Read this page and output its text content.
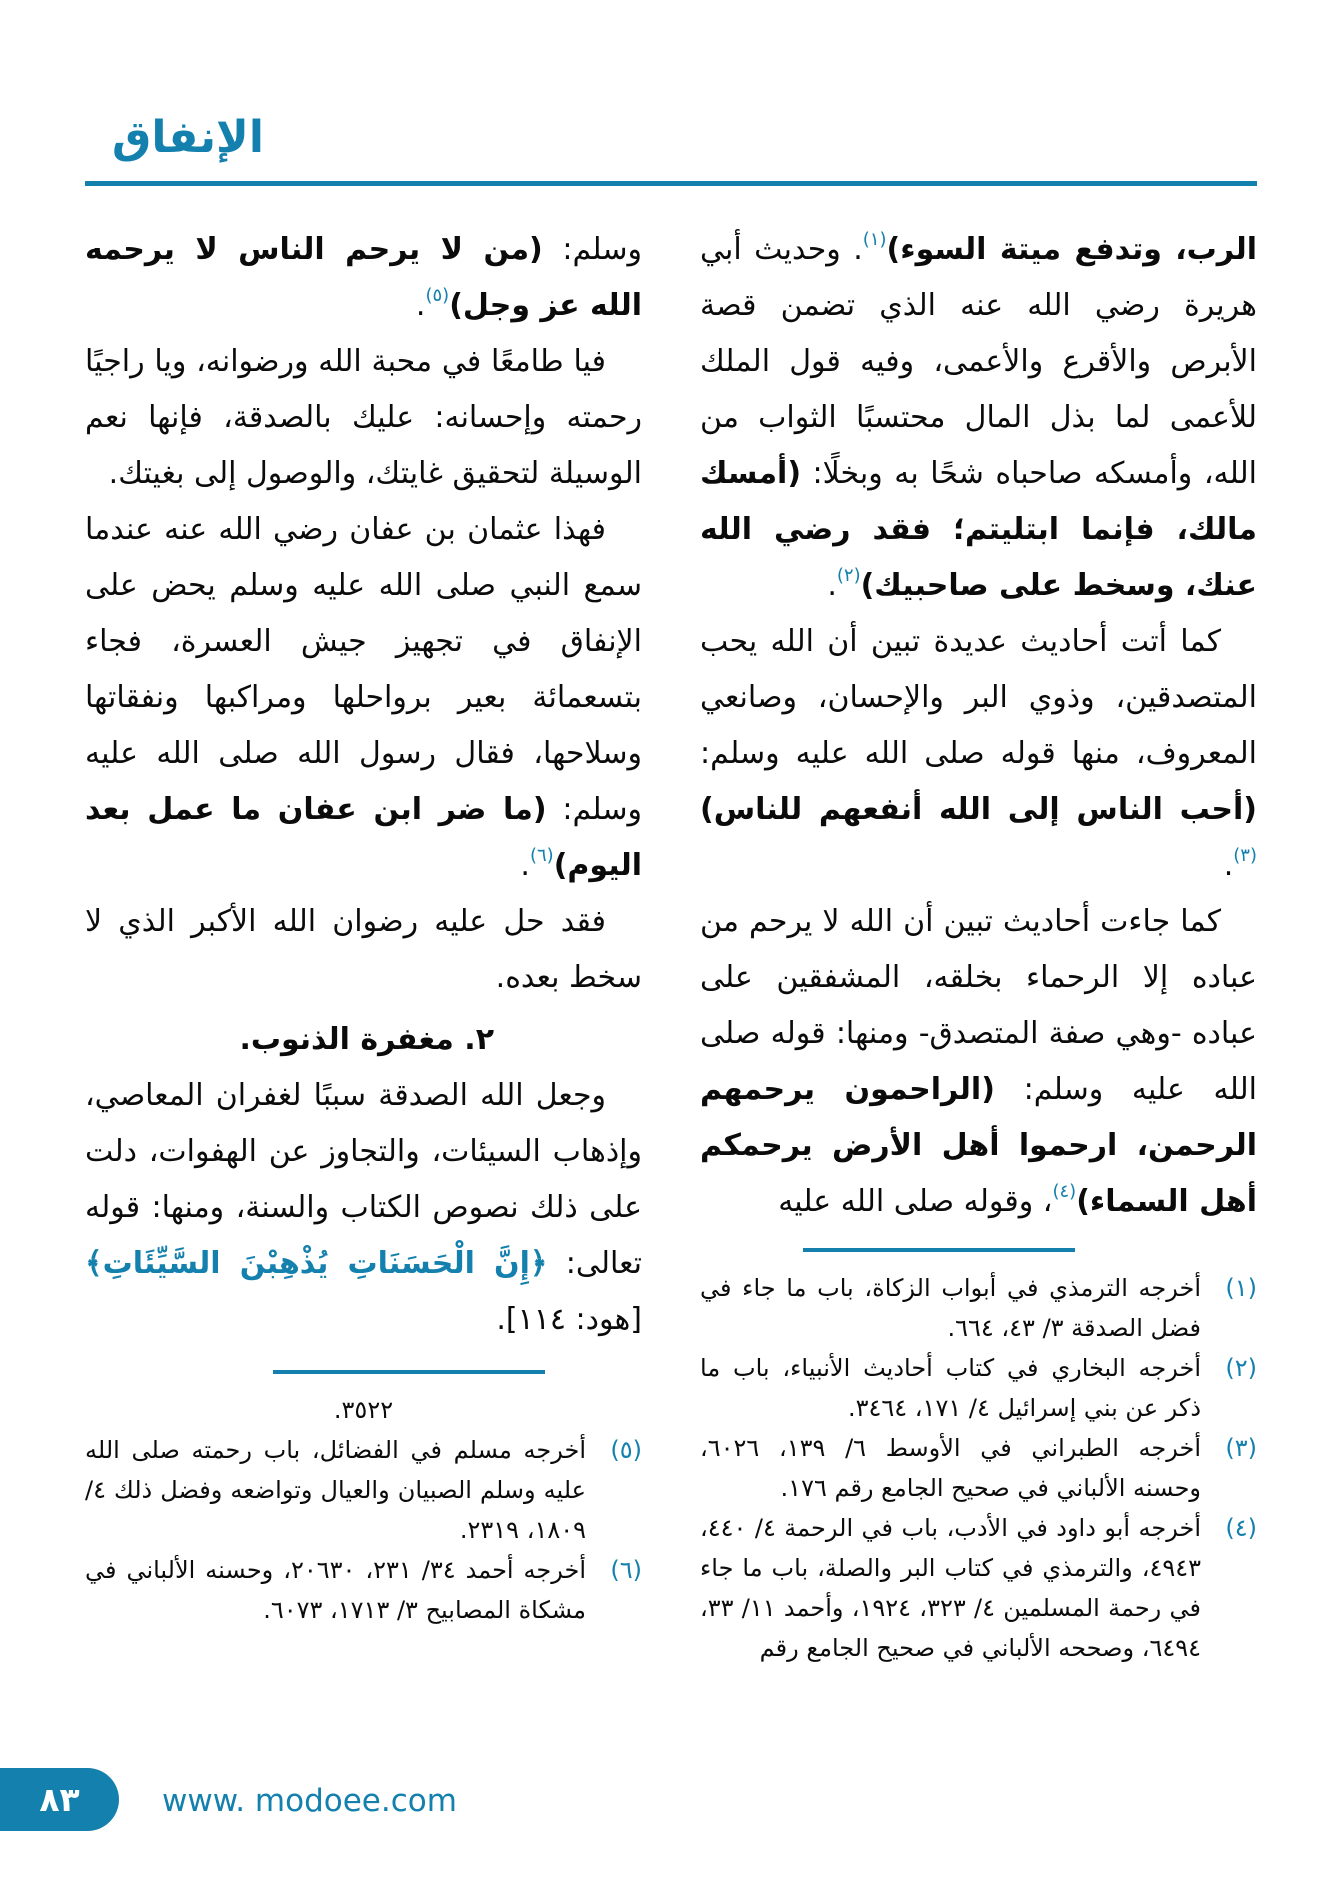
الإنفاق

الرب، وتدفع ميتة السوء)$^{(١)}$. وحديث أبي هريرة رضي الله عنه الذي تضمن قصة الأبرص والأقرع والأعمى، وفيه قول الملك للأعمى لما بذل المال محتسبًا الثواب من الله، وأمسكه صاحباه شحًا به وبخلًا: (أمسك مالك، فإنما ابتليتم؛ فقد رضي الله عنك، وسخط على صاحبيك)$^{(٢)}$.

كما أتت أحاديث عديدة تبين أن الله يحب المتصدقين، وذوي البر والإحسان، وصانعي المعروف، منها قوله صلى الله عليه وسلم: (أحب الناس إلى الله أنفعهم للناس)$^{(٣)}$.

كما جاءت أحاديث تبين أن الله لا يرحم من عباده إلا الرحماء بخلقه، المشفقين على عباده -وهي صفة المتصدق- ومنها: قوله صلى الله عليه وسلم: (الراحمون يرحمهم الرحمن، ارحموا أهل الأرض يرحمكم أهل السماء)$^{(٤)}$، وقوله صلى الله عليه

(١)
أخرجه الترمذي في أبواب الزكاة، باب ما جاء في فضل الصدقة ٣/ ٤٣، ٦٦٤.
(٢)
أخرجه البخاري في كتاب أحاديث الأنبياء، باب ما ذكر عن بني إسرائيل ٤/ ١٧١، ٣٤٦٤.
(٣)
أخرجه الطبراني في الأوسط ٦/ ١٣٩، ٦٠٢٦، وحسنه الألباني في صحيح الجامع رقم ١٧٦.
(٤)
أخرجه أبو داود في الأدب، باب في الرحمة ٤/ ٤٤٠، ٤٩٤٣، والترمذي في كتاب البر والصلة، باب ما جاء في رحمة المسلمين ٤/ ٣٢٣، ١٩٢٤، وأحمد ١١/ ٣٣، ٦٤٩٤، وصححه الألباني في صحيح الجامع رقم

وسلم: (من لا يرحم الناس لا يرحمه الله عز وجل)$^{(٥)}$.

فيا طامعًا في محبة الله ورضوانه، ويا راجيًا رحمته وإحسانه: عليك بالصدقة، فإنها نعم الوسيلة لتحقيق غايتك، والوصول إلى بغيتك.

فهذا عثمان بن عفان رضي الله عنه عندما سمع النبي صلى الله عليه وسلم يحض على الإنفاق في تجهيز جيش العسرة، فجاء بتسعمائة بعير برواحلها ومراكبها ونفقاتها وسلاحها، فقال رسول الله صلى الله عليه وسلم: (ما ضر ابن عفان ما عمل بعد اليوم)$^{(٦)}$.

فقد حل عليه رضوان الله الأكبر الذي لا سخط بعده.

٢. مغفرة الذنوب.

وجعل الله الصدقة سببًا لغفران المعاصي، وإذهاب السيئات، والتجاوز عن الهفوات، دلت على ذلك نصوص الكتاب والسنة، ومنها: قوله تعالى: ﴿إِنَّ الْحَسَنَاتِ يُذْهِبْنَ السَّيِّئَاتِ﴾ [هود: ١١٤].

٣٥٢٢.
(٥)
أخرجه مسلم في الفضائل، باب رحمته صلى الله عليه وسلم الصبيان والعيال وتواضعه وفضل ذلك ٤/ ١٨٠٩، ٢٣١٩.
(٦)
أخرجه أحمد ٣٤/ ٢٣١، ٢٠٦٣٠، وحسنه الألباني في مشكاة المصابيح ٣/ ١٧١٣، ٦٠٧٣.
٨٣	www. modoee.com
